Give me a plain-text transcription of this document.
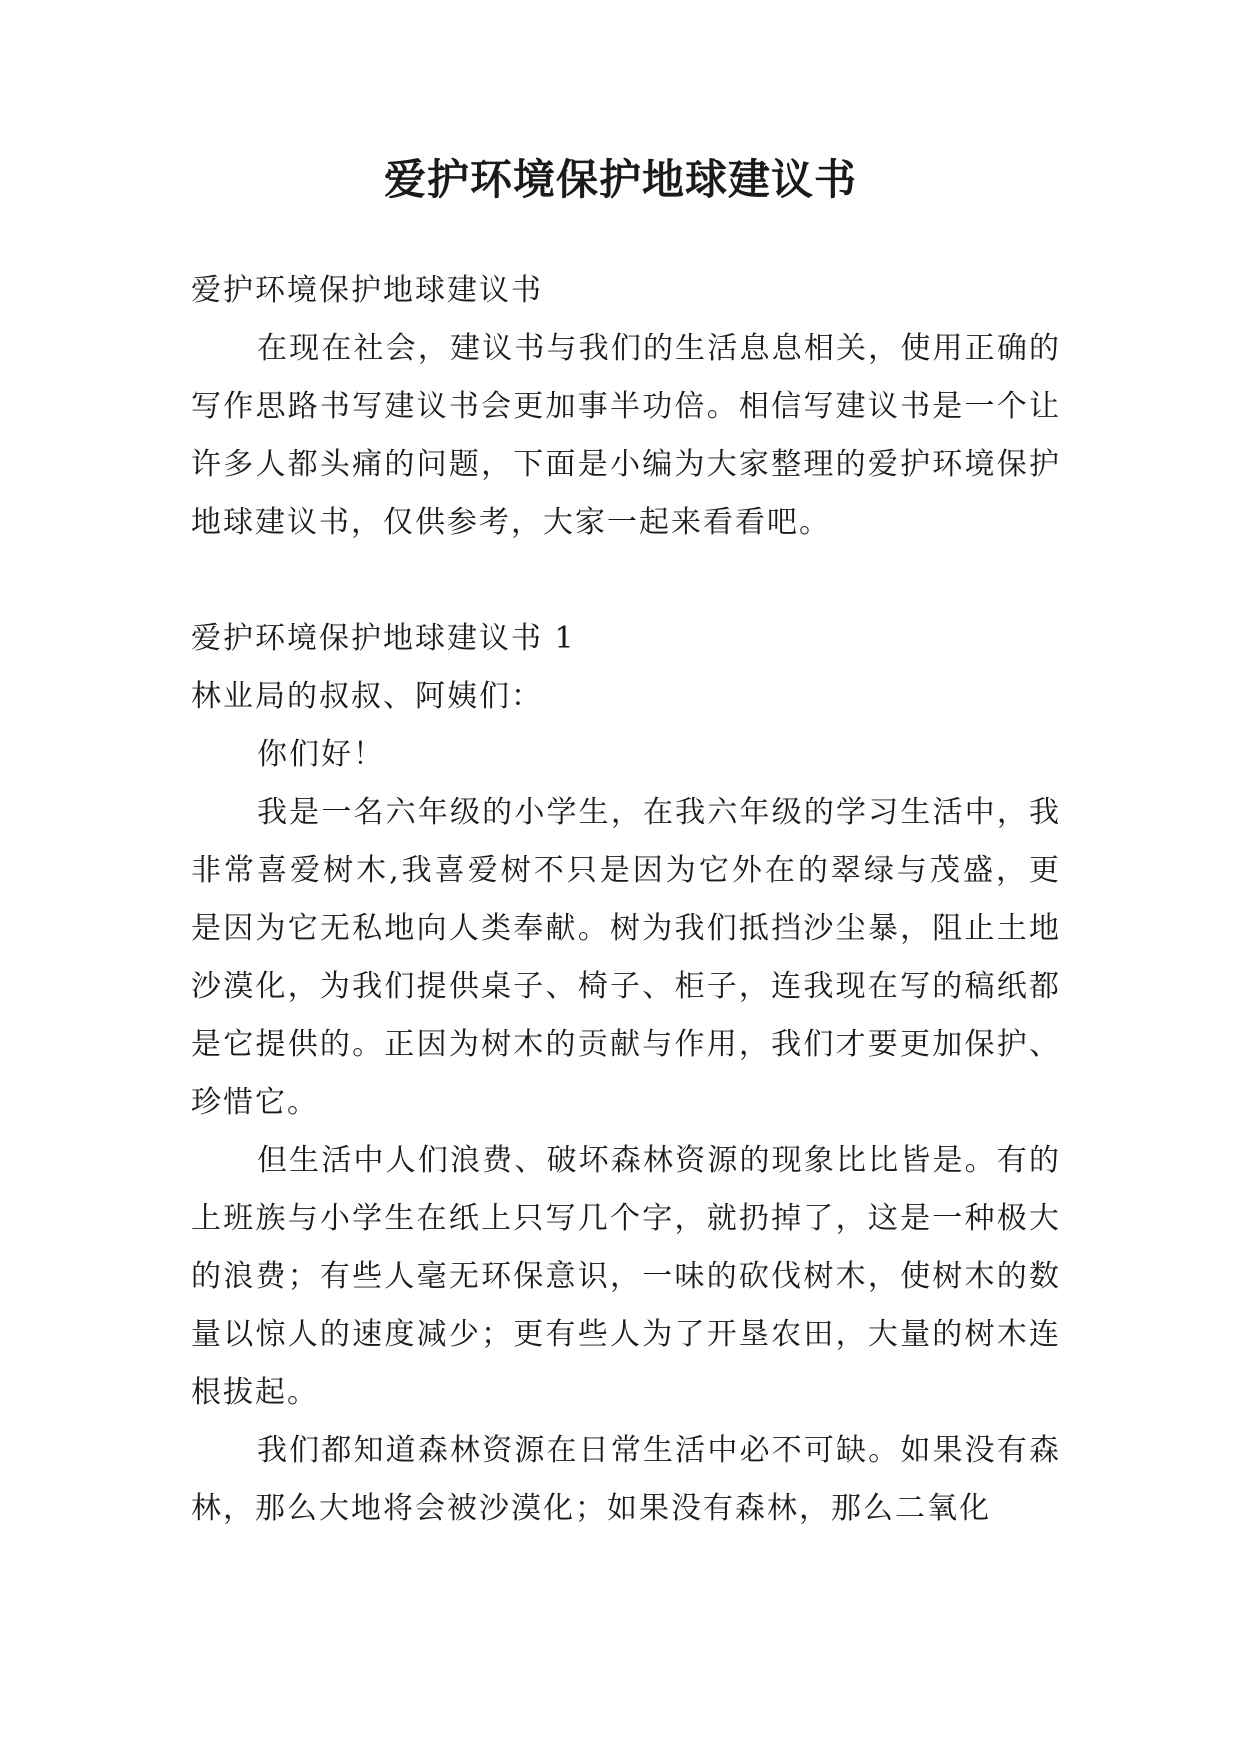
爱护环境保护地球建议书

爱护环境保护地球建议书

在现在社会，建议书与我们的生活息息相关，使用正确的写作思路书写建议书会更加事半功倍。相信写建议书是一个让许多人都头痛的问题，下面是小编为大家整理的爱护环境保护地球建议书，仅供参考，大家一起来看看吧。

爱护环境保护地球建议书 1

林业局的叔叔、阿姨们：

你们好！

我是一名六年级的小学生，在我六年级的学习生活中，我非常喜爱树木,我喜爱树不只是因为它外在的翠绿与茂盛，更是因为它无私地向人类奉献。树为我们抵挡沙尘暴，阻止土地沙漠化，为我们提供桌子、椅子、柜子，连我现在写的稿纸都是它提供的。正因为树木的贡献与作用，我们才要更加保护、珍惜它。

但生活中人们浪费、破坏森林资源的现象比比皆是。有的上班族与小学生在纸上只写几个字，就扔掉了，这是一种极大的浪费；有些人毫无环保意识，一味的砍伐树木，使树木的数量以惊人的速度减少；更有些人为了开垦农田，大量的树木连根拔起。

我们都知道森林资源在日常生活中必不可缺。如果没有森林，那么大地将会被沙漠化；如果没有森林，那么二氧化
